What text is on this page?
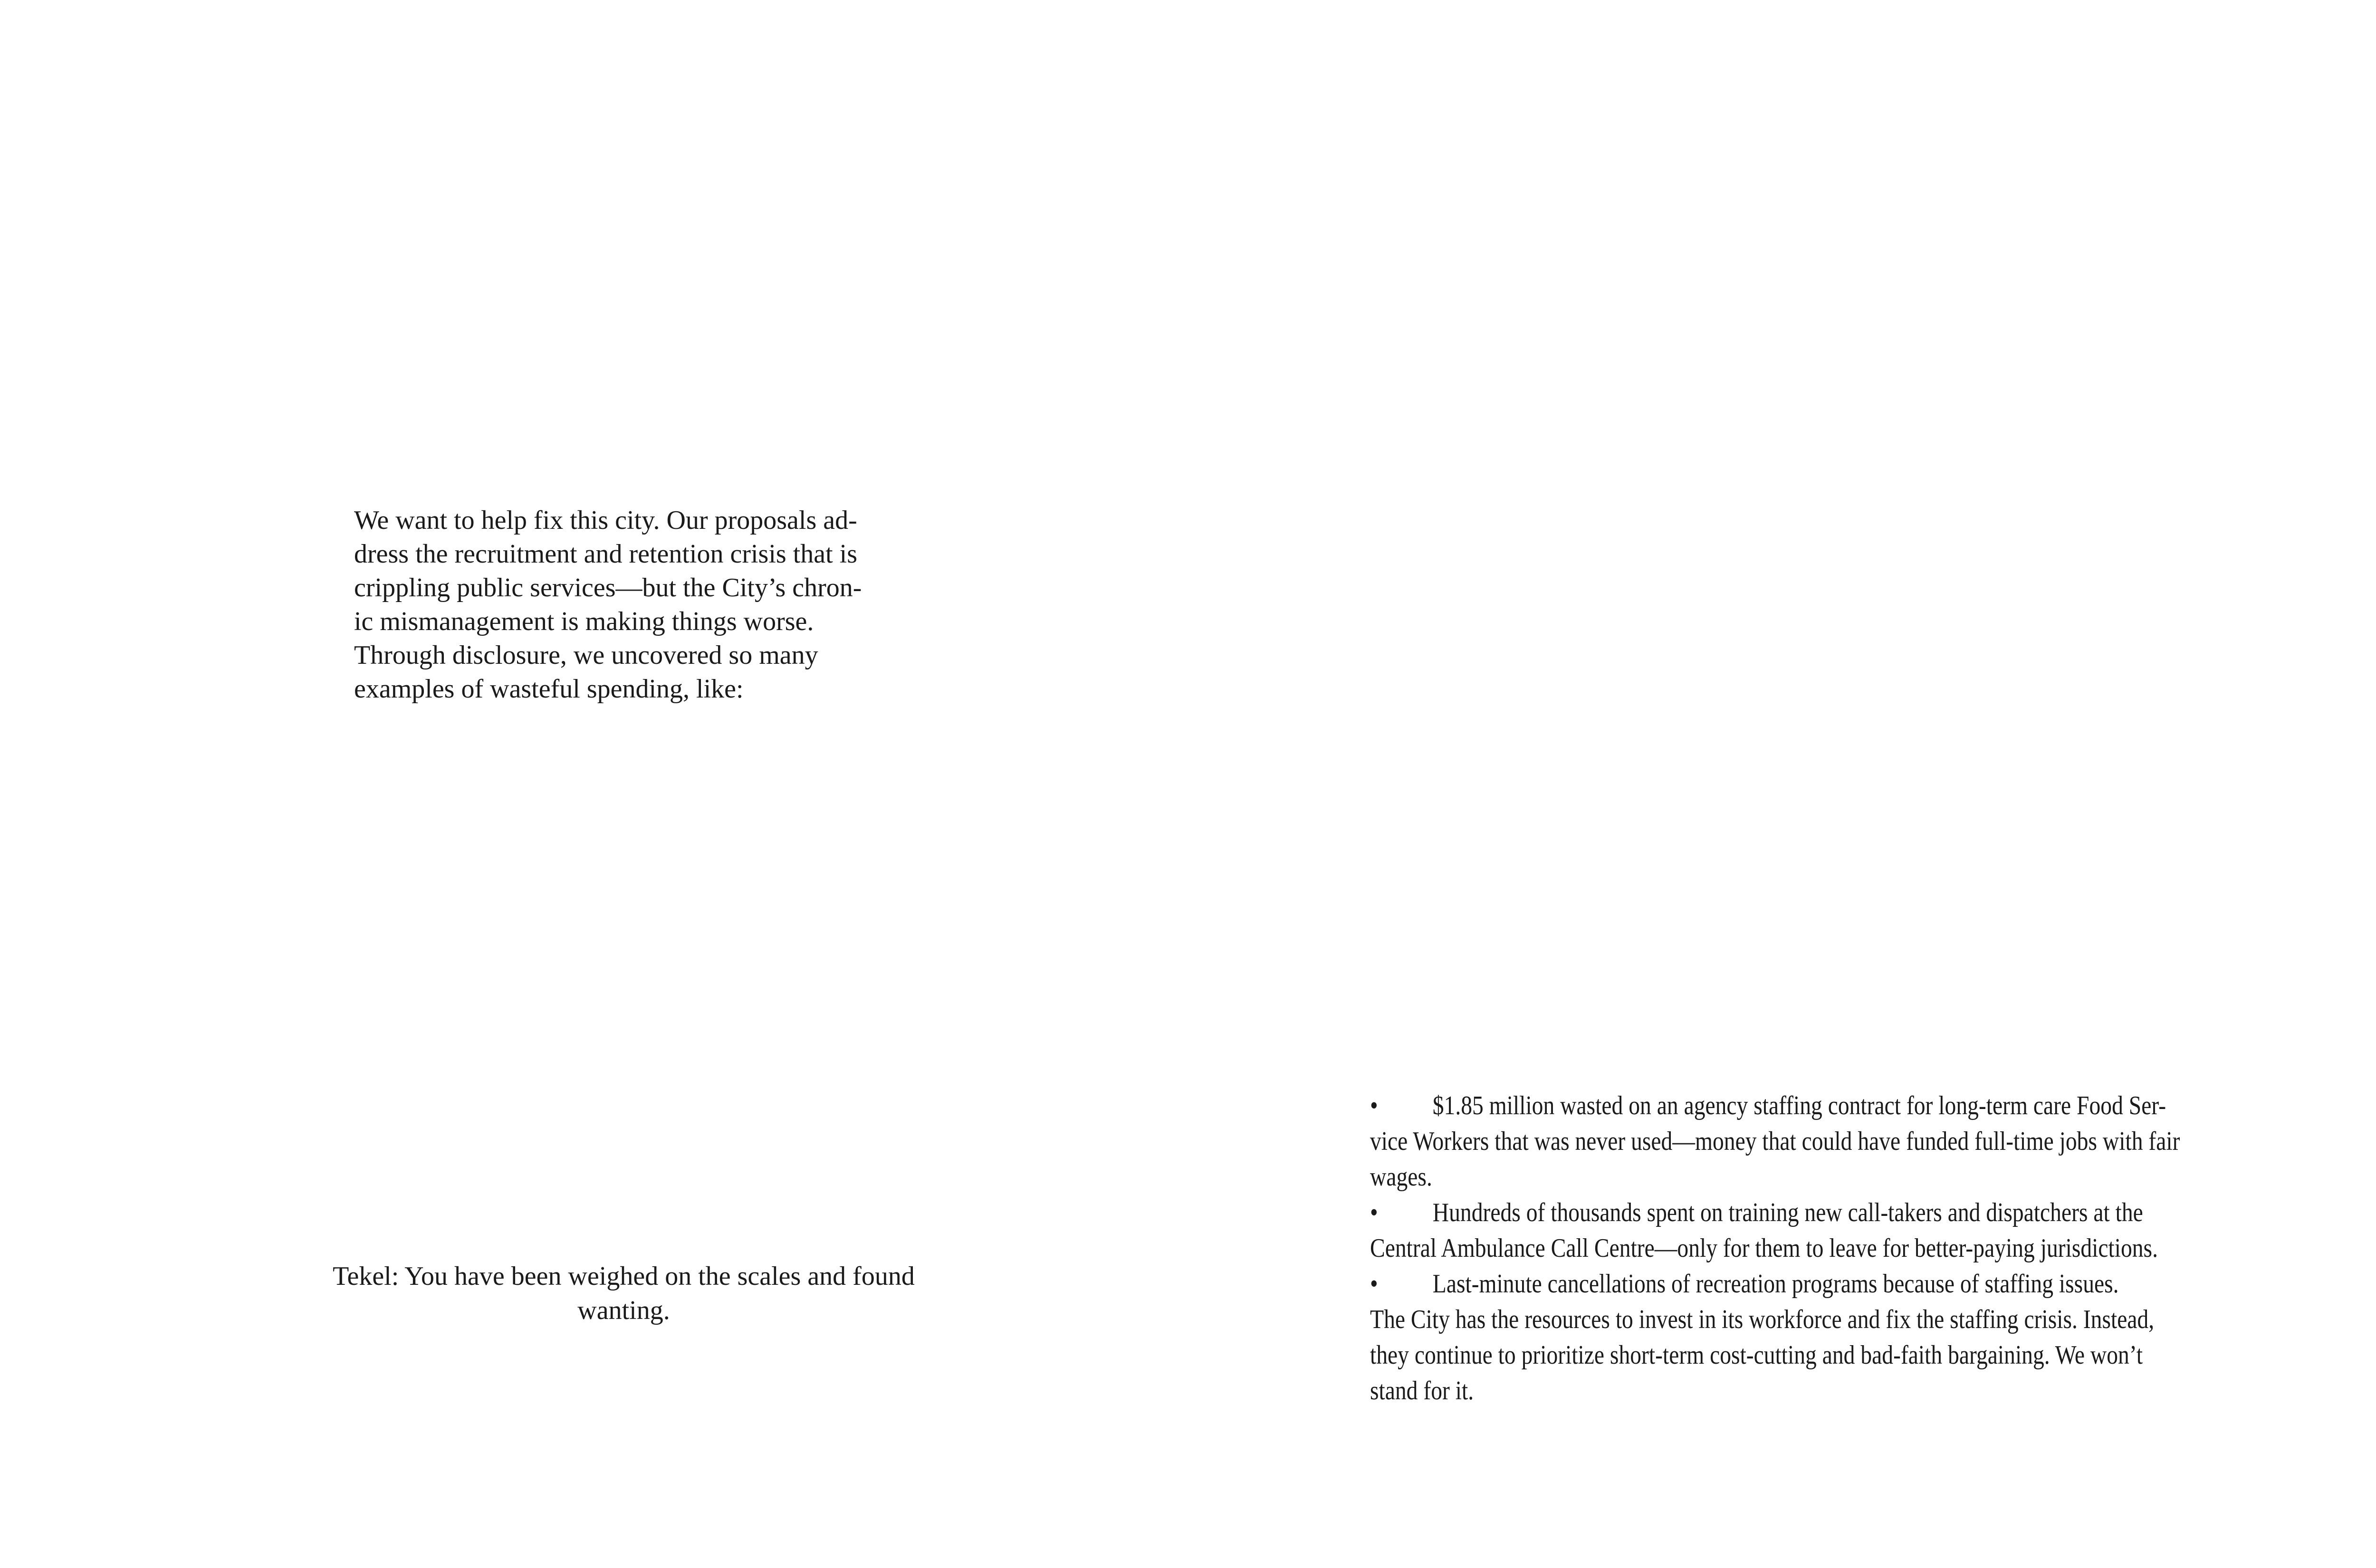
We want to help fix this city. Our proposals ad-
dress the recruitment and retention crisis that is
crippling public services—but the City’s chron-
ic mismanagement is making things worse.
Through disclosure, we uncovered so many
examples of wasteful spending, like:
Tekel: You have been weighed on the scales and found
wanting.
• $1.85 million wasted on an agency staffing contract for long-term care Food Ser-
vice Workers that was never used—money that could have funded full-time jobs with fair
wages.
• Hundreds of thousands spent on training new call-takers and dispatchers at the
Central Ambulance Call Centre—only for them to leave for better-paying jurisdictions.
• Last-minute cancellations of recreation programs because of staffing issues.
The City has the resources to invest in its workforce and fix the staffing crisis. Instead,
they continue to prioritize short-term cost-cutting and bad-faith bargaining. We won’t
stand for it.
